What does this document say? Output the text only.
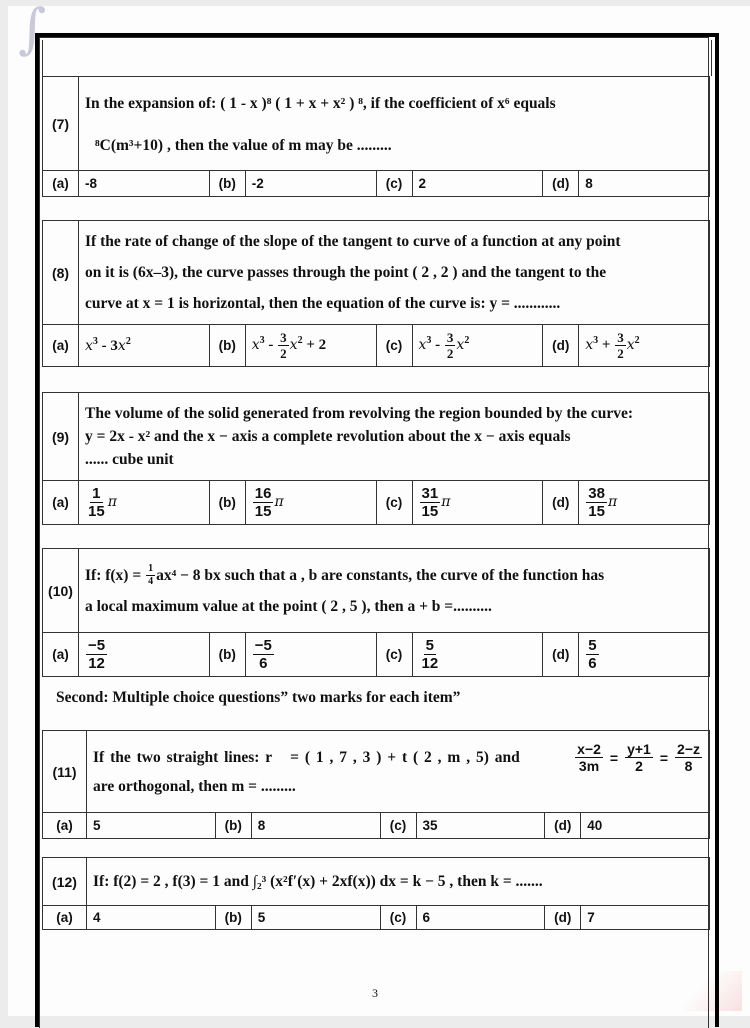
∫
(7)	In the expansion of: ( 1 - x )⁸ ( 1 + x + x² ) ⁸, if the coefficient of x⁶ equals
⁸C(m³+10) , then the value of m may be .........						

(a)	-8	(b)	-2	(c)	2	(d)	8
(8)	If the rate of change of the slope of the tangent to curve of a function at any point
on it is (6x–3), the curve passes through the point ( 2 , 2 ) and the tangent to the
curve at x = 1 is horizontal, then the equation of the curve is: y = ............						

(a)	$x^3 - 3x^2$	(b)	$x^3 - \frac{3}{2} x^2 + 2$	(c)	$x^3 - \frac{3}{2} x^2$	(d)	$x^3 + \frac{3}{2} x^2$
(9)	The volume of the solid generated from revolving the region bounded by the curve:
y = 2x - x² and the x − axis a complete revolution about the x − axis equals
...... cube unit						

(a)	$\frac{1}{15}$ π	(b)	$\frac{16}{15}$ π	(c)	$\frac{31}{15}$ π	(d)	$\frac{38}{15}$ π
(10)	If: $f(x) = \frac{1}{4} ax^4 - 8$ bx such that a , b are constants, the curve of the function has
a local maximum value at the point ( 2 , 5 ), then a + b =..........						

(a)	$\frac{-5}{12}$	(b)	$\frac{-5}{6}$	(c)	$\frac{5}{12}$	(d)	$\frac{5}{6}$
Second: Multiple choice questions” two marks for each item”
(11)	
If the two straight lines: r⃗ = ( 1 , 7 , 3 ) + t ( 2 , m , 5) and	$\frac{x-2}{3m} = \frac{y+1}{2} = \frac{2-z}{8}$
are orthogonal, then m = .........

(a)	5	(b)	8	(c)	35	(d)	40
(12)	If: f(2) = 2 , f(3) = 1 and ∫₂³ (x²f′(x) + 2xf(x)) dx = k − 5 , then k = .......						
(a)	4	(b)	5	(c)	6	(d)	7
3
